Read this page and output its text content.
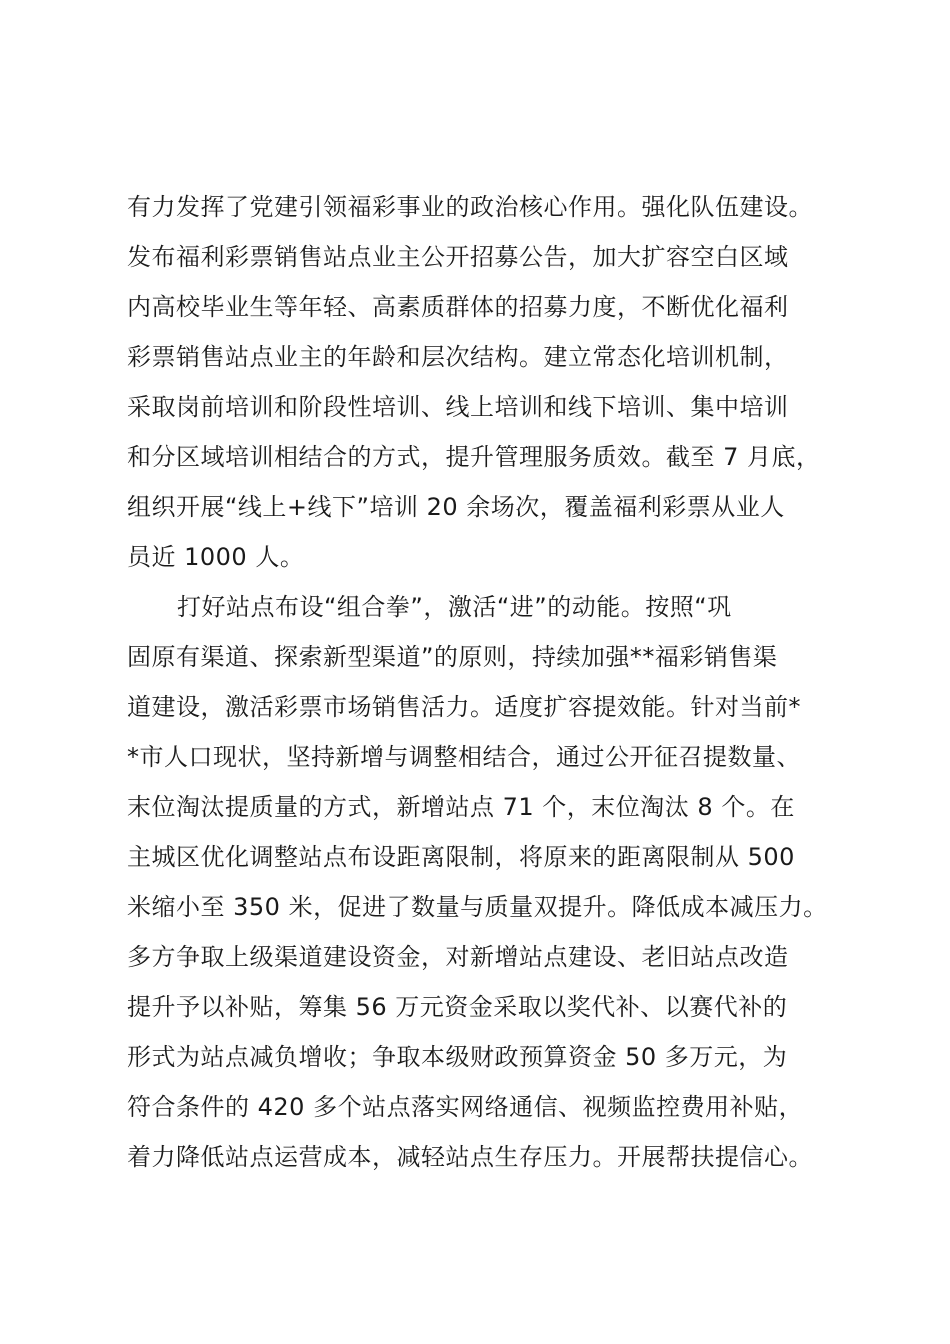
有力发挥了党建引领福彩事业的政治核心作用。强化队伍建设。
发布福利彩票销售站点业主公开招募公告，加大扩容空白区域
内高校毕业生等年轻、高素质群体的招募力度，不断优化福利
彩票销售站点业主的年龄和层次结构。建立常态化培训机制，
采取岗前培训和阶段性培训、线上培训和线下培训、集中培训
和分区域培训相结合的方式，提升管理服务质效。截至 7 月底，
组织开展“线上+线下”培训 20 余场次，覆盖福利彩票从业人
员近 1000 人。
打好站点布设“组合拳”，激活“进”的动能。按照“巩
固原有渠道、探索新型渠道”的原则，持续加强**福彩销售渠
道建设，激活彩票市场销售活力。适度扩容提效能。针对当前*
*市人口现状，坚持新增与调整相结合，通过公开征召提数量、
末位淘汰提质量的方式，新增站点 71 个，末位淘汰 8 个。在
主城区优化调整站点布设距离限制，将原来的距离限制从 500
米缩小至 350 米，促进了数量与质量双提升。降低成本减压力。
多方争取上级渠道建设资金，对新增站点建设、老旧站点改造
提升予以补贴，筹集 56 万元资金采取以奖代补、以赛代补的
形式为站点减负增收；争取本级财政预算资金 50 多万元，为
符合条件的 420 多个站点落实网络通信、视频监控费用补贴，
着力降低站点运营成本，减轻站点生存压力。开展帮扶提信心。
